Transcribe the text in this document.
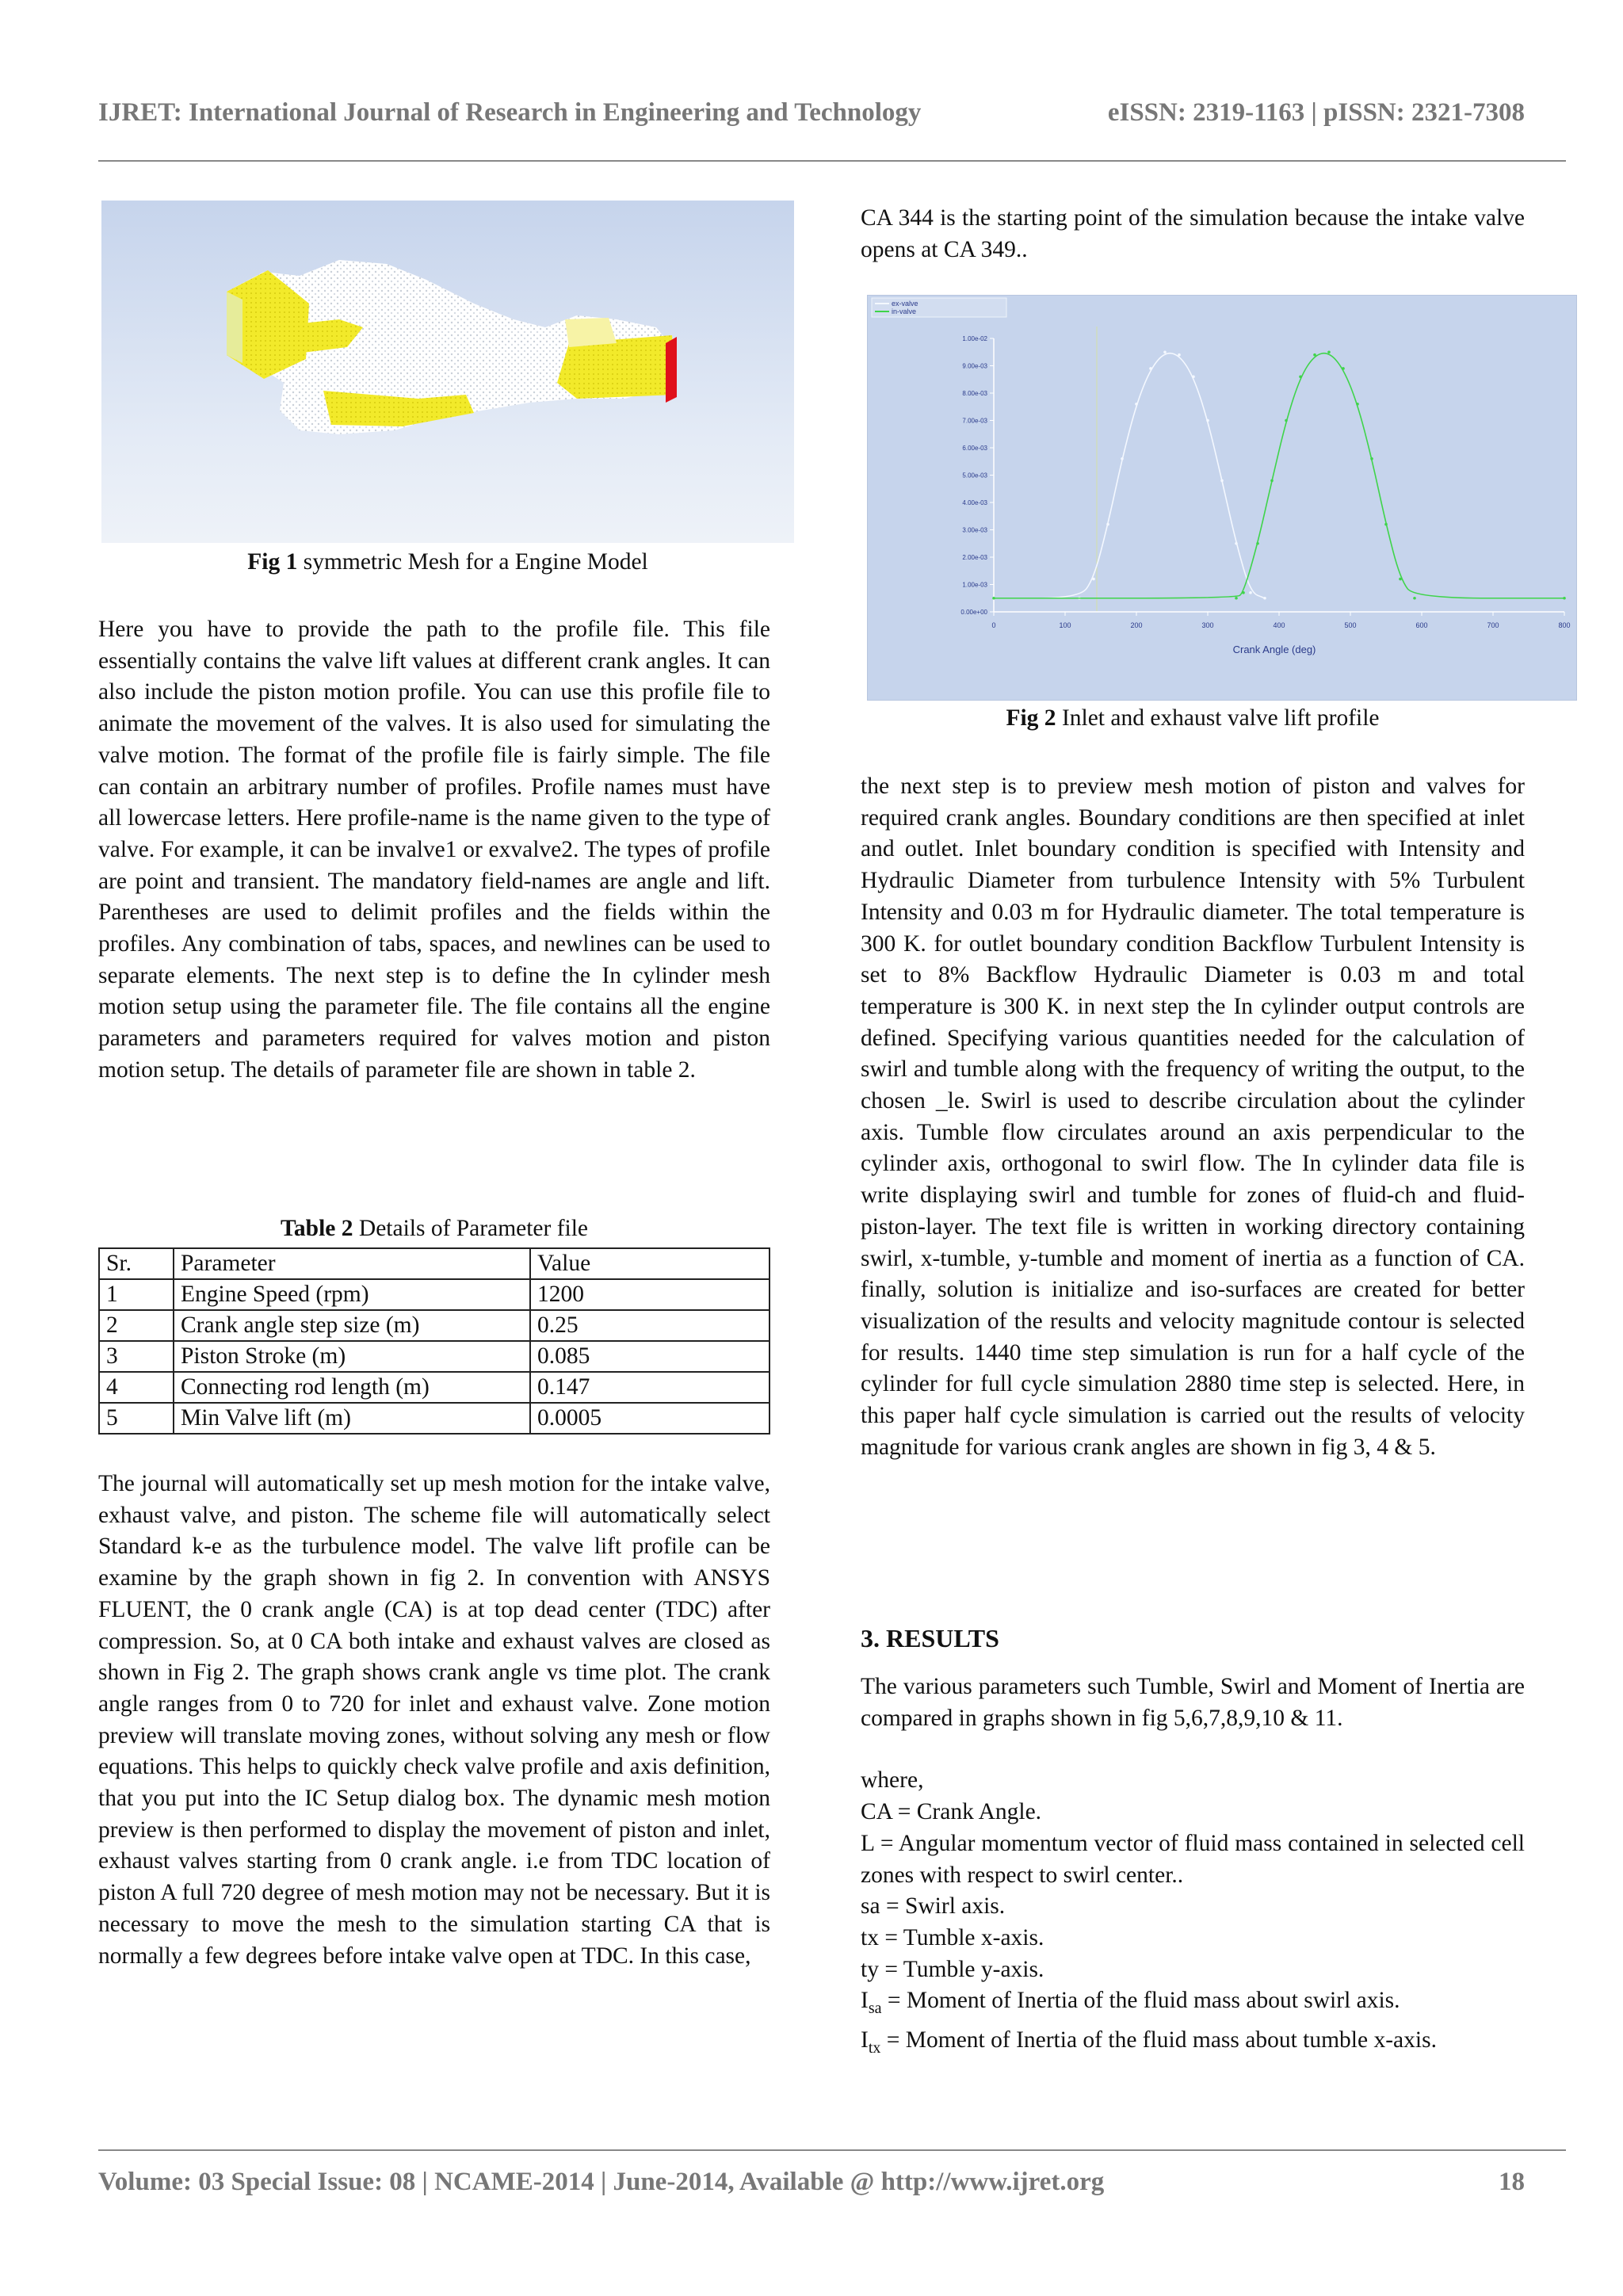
IJRET: International Journal of Research in Engineering and Technology	eISSN: 2319-1163 | pISSN: 2321-7308
Fig 1 symmetric Mesh for a Engine Model

Here you have to provide the path to the profile file. This file essentially contains the valve lift values at different crank angles. It can also include the piston motion profile. You can use this profile file to animate the movement of the valves. It is also used for simulating the valve motion. The format of the profile file is fairly simple. The file can contain an arbitrary number of profiles. Profile names must have all lowercase letters. Here profile-name is the name given to the type of valve. For example, it can be invalve1 or exvalve2. The types of profile are point and transient. The mandatory field-names are angle and lift. Parentheses are used to delimit profiles and the fields within the profiles. Any combination of tabs, spaces, and newlines can be used to separate elements. The next step is to define the In cylinder mesh motion setup using the parameter file. The file contains all the engine parameters and parameters required for valves motion and piston motion setup. The details of parameter file are shown in table 2.

Table 2 Details of Parameter file
Sr.	Parameter	Value
1	Engine Speed (rpm)	1200
2	Crank angle step size (m)	0.25
3	Piston Stroke (m)	0.085
4	Connecting rod length (m)	0.147
5	Min Valve lift (m)	0.0005

The journal will automatically set up mesh motion for the intake valve, exhaust valve, and piston. The scheme file will automatically select Standard k-e as the turbulence model. The valve lift profile can be examine by the graph shown in fig 2. In convention with ANSYS FLUENT, the 0 crank angle (CA) is at top dead center (TDC) after compression. So, at 0 CA both intake and exhaust valves are closed as shown in Fig 2. The graph shows crank angle vs time plot. The crank angle ranges from 0 to 720 for inlet and exhaust valve. Zone motion preview will translate moving zones, without solving any mesh or flow equations. This helps to quickly check valve profile and axis definition, that you put into the IC Setup dialog box. The dynamic mesh motion preview is then performed to display the movement of piston and inlet, exhaust valves starting from 0 crank angle. i.e from TDC location of piston A full 720 degree of mesh motion may not be necessary. But it is necessary to move the mesh to the simulation starting CA that is normally a few degrees before intake valve open at TDC. In this case,

CA 344 is the starting point of the simulation because the intake valve opens at CA 349..

ex-valve
in-valve
0	100	200	300	400	500	600	700	800
0.00e+00
1.00e-03
2.00e-03
3.00e-03
4.00e-03
5.00e-03
6.00e-03
7.00e-03
8.00e-03
9.00e-03
1.00e-02
Crank Angle (deg)
Fig 2 Inlet and exhaust valve lift profile

the next step is to preview mesh motion of piston and valves for required crank angles. Boundary conditions are then specified at inlet and outlet. Inlet boundary condition is specified with Intensity and Hydraulic Diameter from turbulence Intensity with 5% Turbulent Intensity and 0.03 m for Hydraulic diameter. The total temperature is 300 K. for outlet boundary condition Backflow Turbulent Intensity is set to 8% Backflow Hydraulic Diameter is 0.03 m and total temperature is 300 K. in next step the In cylinder output controls are defined. Specifying various quantities needed for the calculation of swirl and tumble along with the frequency of writing the output, to the chosen _le. Swirl is used to describe circulation about the cylinder axis. Tumble flow circulates around an axis perpendicular to the cylinder axis, orthogonal to swirl flow. The In cylinder data file is write displaying swirl and tumble for zones of fluid-ch and fluid-piston-layer. The text file is written in working directory containing swirl, x-tumble, y-tumble and moment of inertia as a function of CA. finally, solution is initialize and iso-surfaces are created for better visualization of the results and velocity magnitude contour is selected for results. 1440 time step simulation is run for a half cycle of the cylinder for full cycle simulation 2880 time step is selected. Here, in this paper half cycle simulation is carried out the results of velocity magnitude for various crank angles are shown in fig 3, 4 & 5.

3. RESULTS

The various parameters such Tumble, Swirl and Moment of Inertia are compared in graphs shown in fig 5,6,7,8,9,10 & 11.

where,

CA = Crank Angle.

L = Angular momentum vector of fluid mass contained in selected cell zones with respect to swirl center..

sa = Swirl axis.

tx = Tumble x-axis.

ty = Tumble y-axis.

$I_{sa}$ = Moment of Inertia of the fluid mass about swirl axis.

$I_{tx}$ = Moment of Inertia of the fluid mass about tumble x-axis.

Volume: 03 Special Issue: 08 | NCAME-2014 | June-2014, Available @ http://www.ijret.org	18
